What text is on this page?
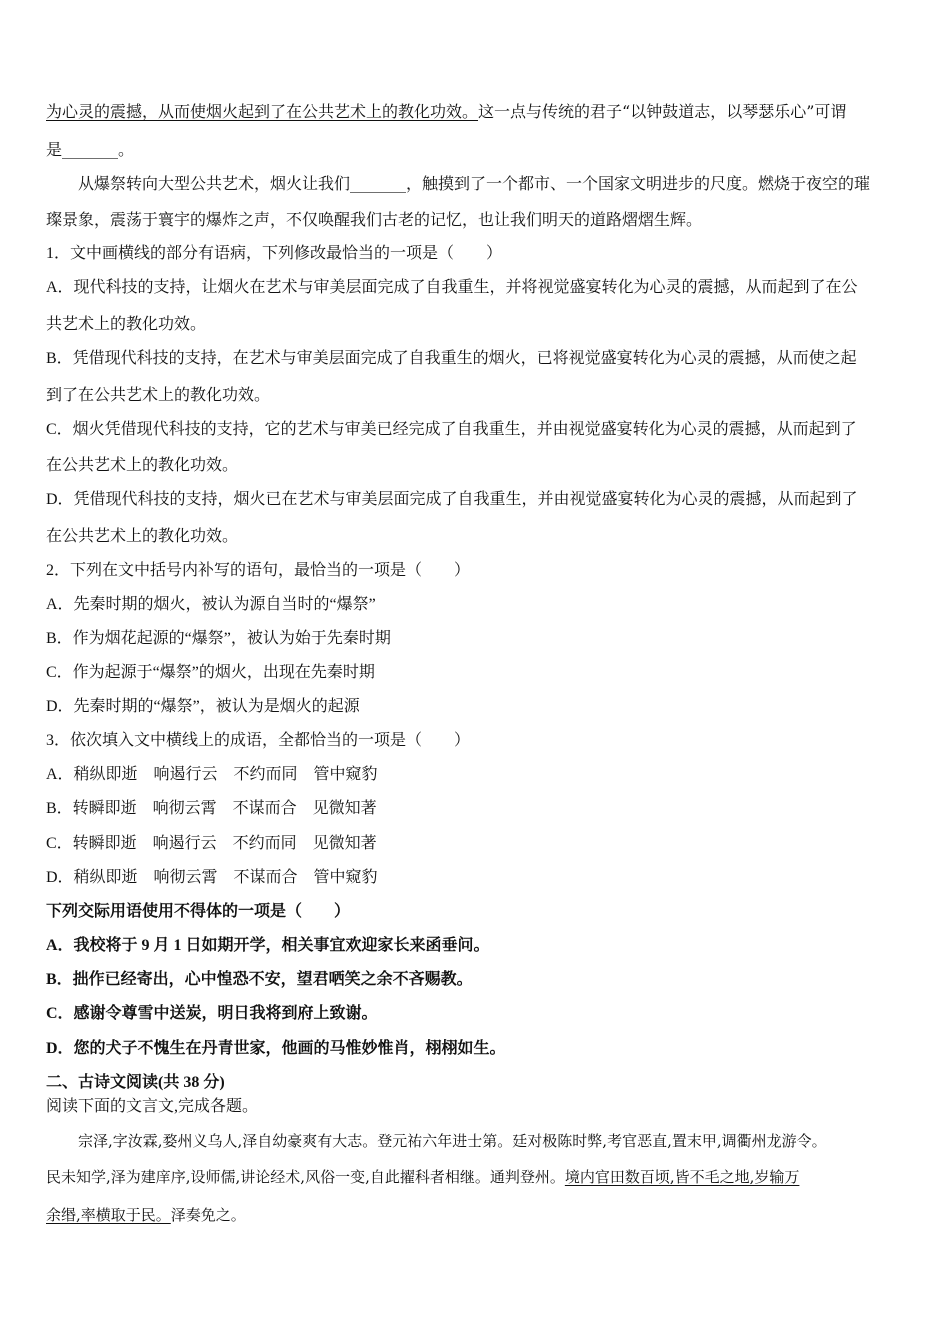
为心灵的震撼，从而使烟火起到了在公共艺术上的教化功效。这一点与传统的君子“以钟鼓道志，以琴瑟乐心”可谓
是_______。
从爆祭转向大型公共艺术，烟火让我们_______，触摸到了一个都市、一个国家文明进步的尺度。燃烧于夜空的璀
璨景象，震荡于寰宇的爆炸之声，不仅唤醒我们古老的记忆，也让我们明天的道路熠熠生辉。
1．文中画横线的部分有语病，下列修改最恰当的一项是（　　）
A．现代科技的支持，让烟火在艺术与审美层面完成了自我重生，并将视觉盛宴转化为心灵的震撼，从而起到了在公
共艺术上的教化功效。
B．凭借现代科技的支持，在艺术与审美层面完成了自我重生的烟火，已将视觉盛宴转化为心灵的震撼，从而使之起
到了在公共艺术上的教化功效。
C．烟火凭借现代科技的支持，它的艺术与审美已经完成了自我重生，并由视觉盛宴转化为心灵的震撼，从而起到了
在公共艺术上的教化功效。
D．凭借现代科技的支持，烟火已在艺术与审美层面完成了自我重生，并由视觉盛宴转化为心灵的震撼，从而起到了
在公共艺术上的教化功效。
2．下列在文中括号内补写的语句，最恰当的一项是（　　）
A．先秦时期的烟火，被认为源自当时的“爆祭”
B．作为烟花起源的“爆祭”，被认为始于先秦时期
C．作为起源于“爆祭”的烟火，出现在先秦时期
D．先秦时期的“爆祭”，被认为是烟火的起源
3．依次填入文中横线上的成语，全都恰当的一项是（　　）
A．稍纵即逝　响遏行云　不约而同　管中窥豹
B．转瞬即逝　响彻云霄　不谋而合　见微知著
C．转瞬即逝　响遏行云　不约而同　见微知著
D．稍纵即逝　响彻云霄　不谋而合　管中窥豹
下列交际用语使用不得体的一项是（　　）
A．我校将于 9 月 1 日如期开学，相关事宜欢迎家长来函垂问。
B．拙作已经寄出，心中惶恐不安，望君哂笑之余不吝赐教。
C．感谢令尊雪中送炭，明日我将到府上致谢。
D．您的犬子不愧生在丹青世家，他画的马惟妙惟肖，栩栩如生。
二、古诗文阅读(共 38 分)
阅读下面的文言文,完成各题。
宗泽,字汝霖,婺州义乌人,泽自幼豪爽有大志。登元祐六年进士第。廷对极陈时弊,考官恶直,置末甲,调衢州龙游令。
民未知学,泽为建庠序,设师儒,讲论经术,风俗一变,自此擢科者相继。通判登州。境内官田数百顷,皆不毛之地,岁输万
余缗,率横取于民。泽奏免之。
